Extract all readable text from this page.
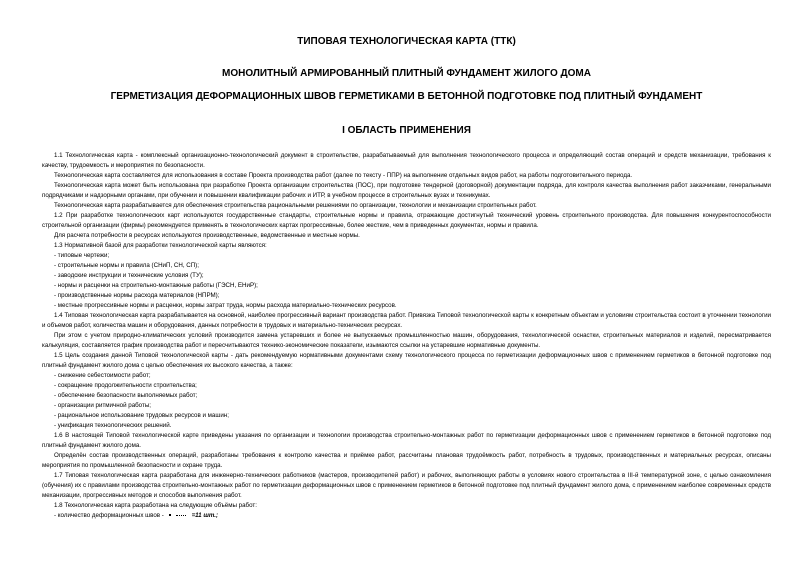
ТИПОВАЯ ТЕХНОЛОГИЧЕСКАЯ КАРТА (ТТК)

МОНОЛИТНЫЙ АРМИРОВАННЫЙ ПЛИТНЫЙ ФУНДАМЕНТ ЖИЛОГО ДОМА

ГЕРМЕТИЗАЦИЯ ДЕФОРМАЦИОННЫХ ШВОВ ГЕРМЕТИКАМИ В БЕТОННОЙ ПОДГОТОВКЕ ПОД ПЛИТНЫЙ ФУНДАМЕНТ

I ОБЛАСТЬ ПРИМЕНЕНИЯ

1.1 Технологическая карта - комплексный организационно-технологический документ в строительстве, разрабатываемый для выполнения технологического процесса и определяющий состав операций и средств механизации, требования к качеству, трудоемкость и мероприятия по безопасности.

Технологическая карта составляется для использования в составе Проекта производства работ (далее по тексту - ППР) на выполнение отдельных видов работ, на работы подготовительного периода.

Технологическая карта может быть использована при разработке Проекта организации строительства (ПОС), при подготовке тендерной (договорной) документации подряда, для контроля качества выполнения работ заказчиками, генеральными подрядчиками и надзорными органами, при обучении и повышении квалификации рабочих и ИТР, в учебном процессе в строительных вузах и техникумах.

Технологическая карта разрабатывается для обеспечения строительства рациональными решениями по организации, технологии и механизации строительных работ.

1.2 При разработке технологических карт используются государственные стандарты, строительные нормы и правила, отражающие достигнутый технический уровень строительного производства. Для повышения конкурентоспособности строительной организации (фирмы) рекомендуется применять в технологических картах прогрессивные, более жесткие, чем в приведенных документах, нормы и правила.

Для расчета потребности в ресурсах используются производственные, ведомственные и местные нормы.

1.3 Нормативной базой для разработки технологической карты являются:

- типовые чертежи;

- строительные нормы и правила (СНиП, СН, СП);

- заводские инструкции и технические условия (ТУ);

- нормы и расценки на строительно-монтажные работы (ГЭСН, ЕНиР);

- производственные нормы расхода материалов (НПРМ);

- местные прогрессивные нормы и расценки, нормы затрат труда, нормы расхода материально-технических ресурсов.

1.4 Типовая технологическая карта разрабатывается на основной, наиболее прогрессивный вариант производства работ. Привязка Типовой технологической карты к конкретным объектам и условиям строительства состоит в уточнении технологии и объемов работ, количества машин и оборудования, данных потребности в трудовых и материально-технических ресурсах.

При этом с учетом природно-климатических условий производится замена устаревших и более не выпускаемых промышленностью машин, оборудования, технологической оснастки, строительных материалов и изделий, пересматривается калькуляция, составляется график производства работ и пересчитываются технико-экономические показатели, изымаются ссылки на устаревшие нормативные документы.

1.5 Цель создания данной Типовой технологической карты - дать рекомендуемую нормативными документами схему технологического процесса по герметизации деформационных швов с применением герметиков в бетонной подготовке под плитный фундамент жилого дома с целью обеспечения их высокого качества, а также:

- снижение себестоимости работ;

- сокращение продолжительности строительства;

- обеспечение безопасности выполняемых работ;

- организации ритмичной работы;

- рациональное использование трудовых ресурсов и машин;

- унификация технологических решений.

1.6 В настоящей Типовой технологической карте приведены указания по организации и технологии производства строительно-монтажных работ по герметизации деформационных швов с применением герметиков в бетонной подготовке под плитный фундамент жилого дома.

Определён состав производственных операций, разработаны требования к контролю качества и приёмке работ, рассчитаны плановая трудоёмкость работ, потребность в трудовых, производственных и материальных ресурсах, описаны мероприятия по промышленной безопасности и охране труда.

1.7 Типовая технологическая карта разработана для инженерно-технических работников (мастеров, производителей работ) и рабочих, выполняющих работы в условиях нового строительства в III-й температурной зоне, с целью ознакомления (обучения) их с правилами производства строительно-монтажных работ по герметизации деформационных швов с применением герметиков в бетонной подготовке под плитный фундамент жилого дома, с применением наиболее современных средств механизации, прогрессивных методов и способов выполнения работ.

1.8 Технологическая карта разработана на следующие объёмы работ:

- количество деформационных швов -	=11 шт.;
